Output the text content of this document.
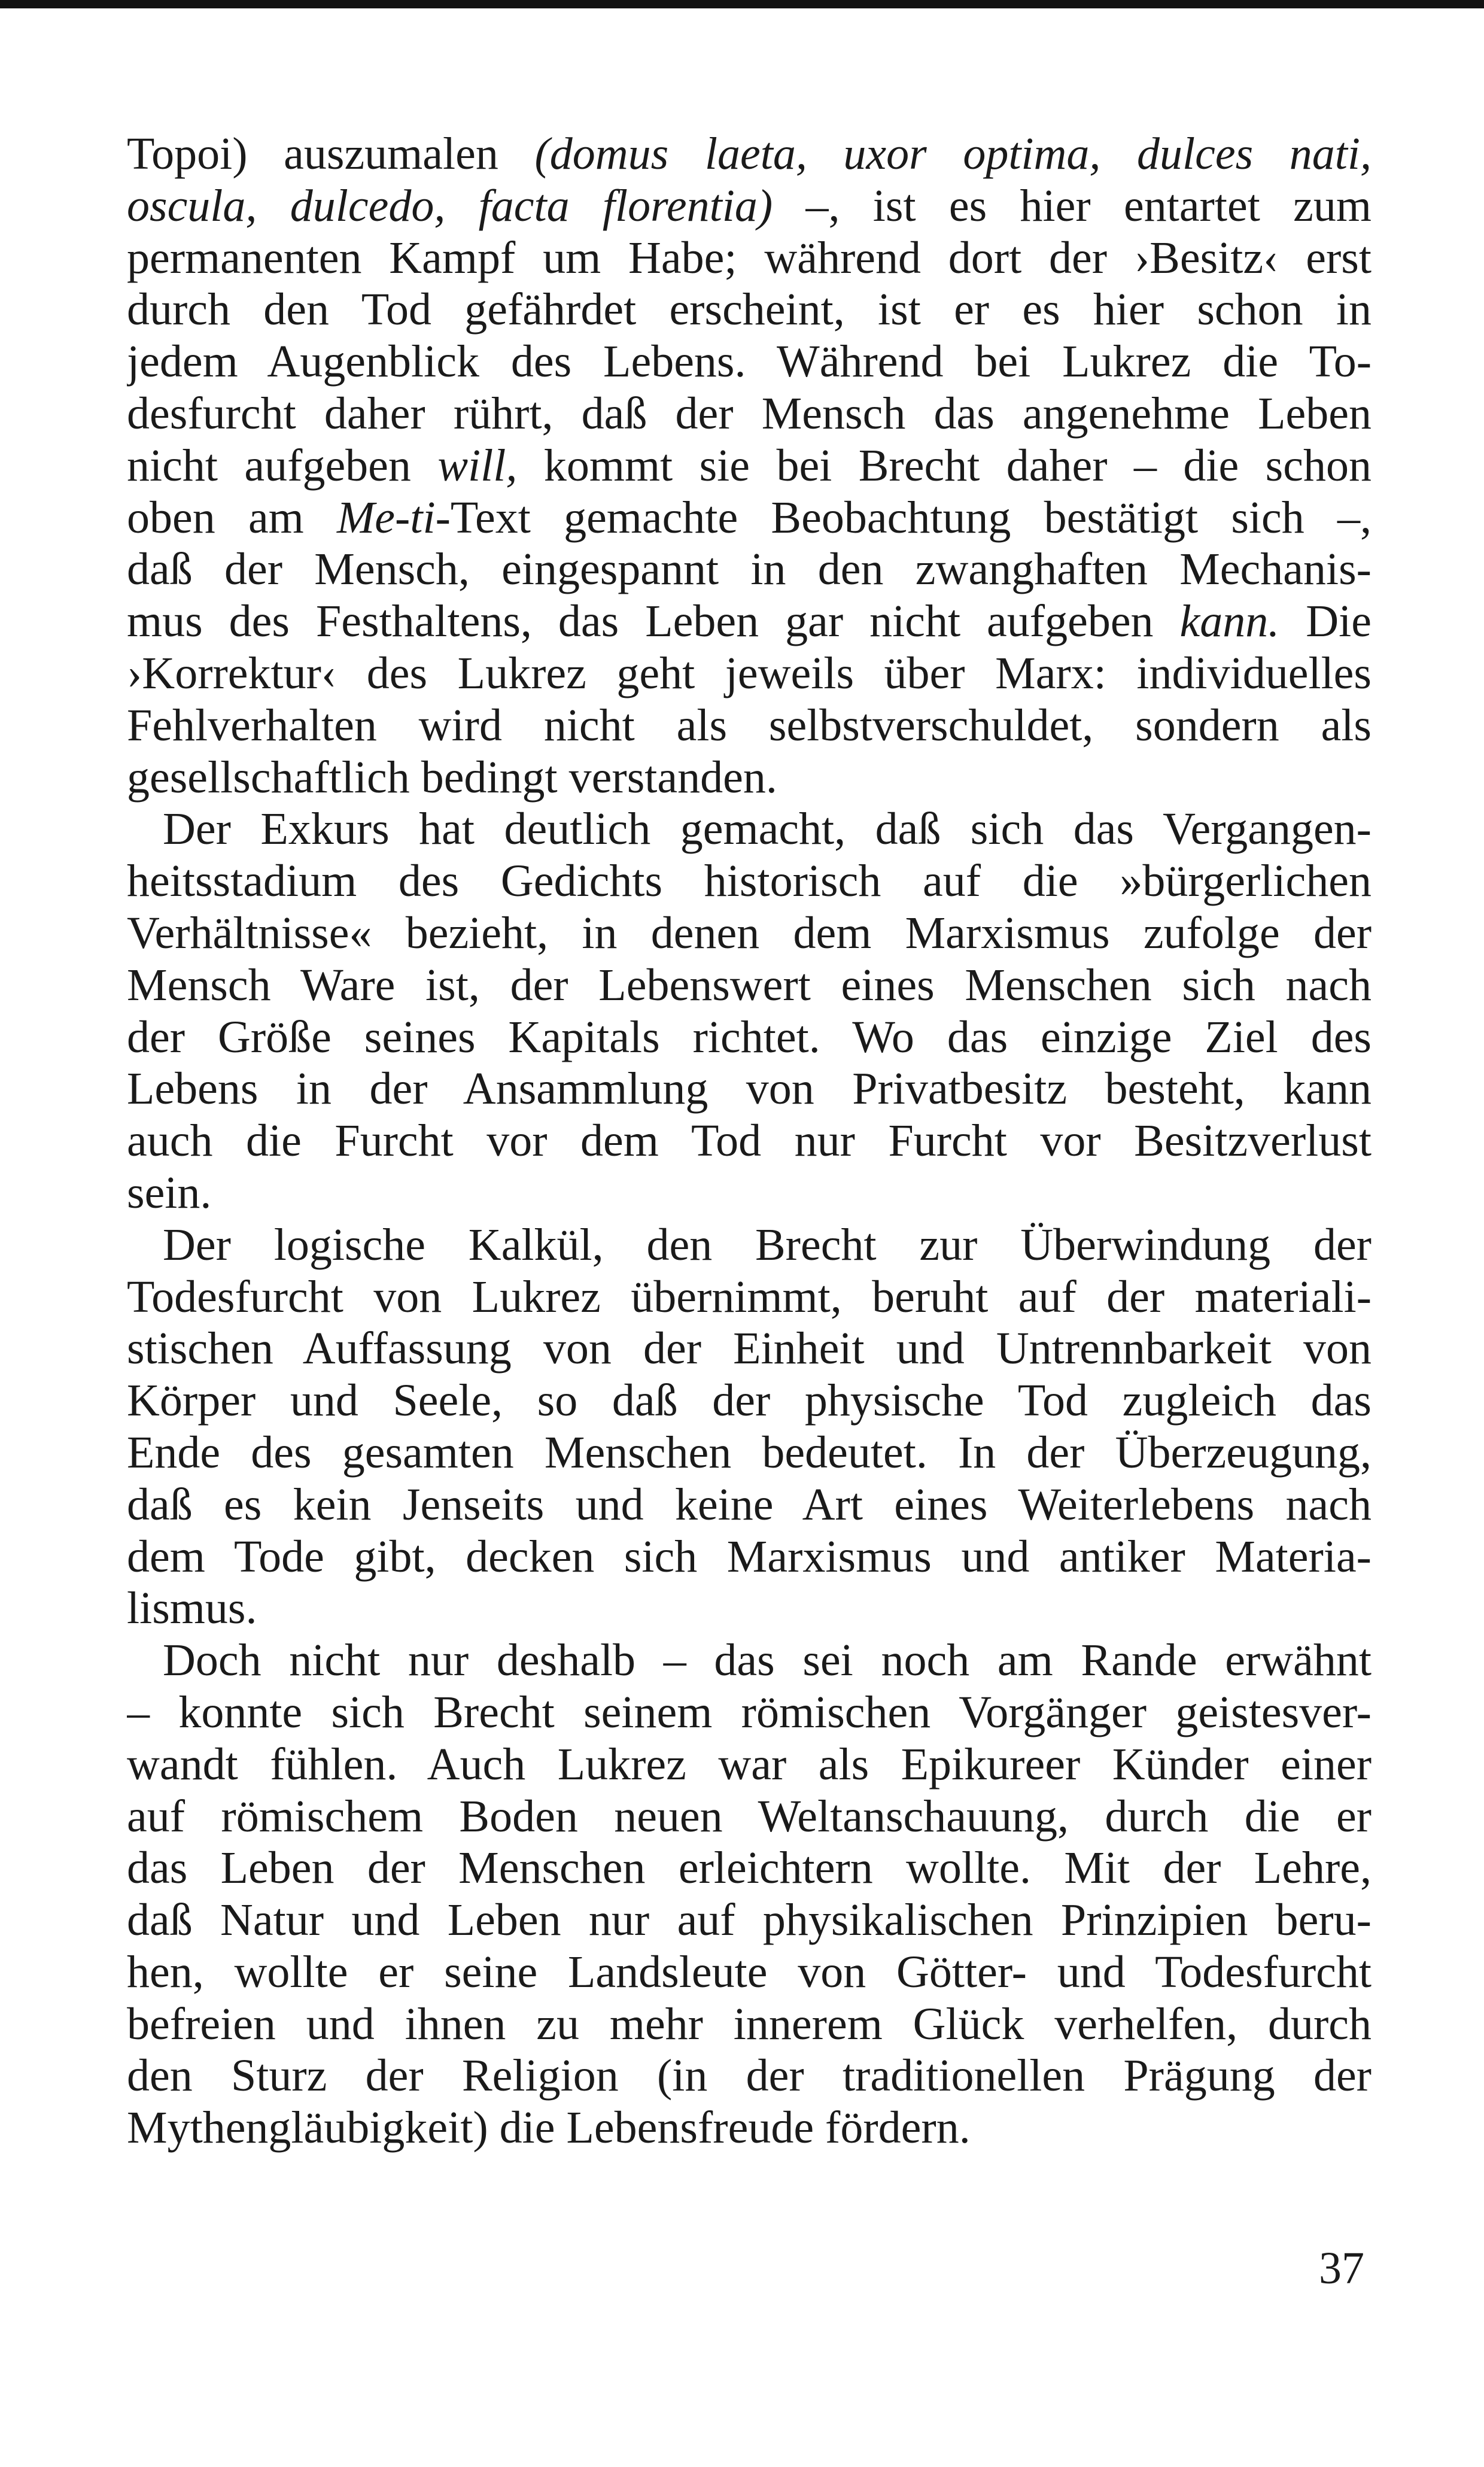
Topoi) auszumalen (domus laeta, uxor optima, dulces nati,
oscula, dulcedo, facta florentia) –, ist es hier entartet zum
permanenten Kampf um Habe; während dort der ›Besitz‹ erst
durch den Tod gefährdet erscheint, ist er es hier schon in
jedem Augenblick des Lebens. Während bei Lukrez die To-
desfurcht daher rührt, daß der Mensch das angenehme Leben
nicht aufgeben will, kommt sie bei Brecht daher – die schon
oben am Me-ti-Text gemachte Beobachtung bestätigt sich –,
daß der Mensch, eingespannt in den zwanghaften Mechanis-
mus des Festhaltens, das Leben gar nicht aufgeben kann. Die
›Korrektur‹ des Lukrez geht jeweils über Marx: individuelles
Fehlverhalten wird nicht als selbstverschuldet, sondern als
gesellschaftlich bedingt verstanden.
Der Exkurs hat deutlich gemacht, daß sich das Vergangen-
heitsstadium des Gedichts historisch auf die »bürgerlichen
Verhältnisse« bezieht, in denen dem Marxismus zufolge der
Mensch Ware ist, der Lebenswert eines Menschen sich nach
der Größe seines Kapitals richtet. Wo das einzige Ziel des
Lebens in der Ansammlung von Privatbesitz besteht, kann
auch die Furcht vor dem Tod nur Furcht vor Besitzverlust
sein.
Der logische Kalkül, den Brecht zur Überwindung der
Todesfurcht von Lukrez übernimmt, beruht auf der materiali-
stischen Auffassung von der Einheit und Untrennbarkeit von
Körper und Seele, so daß der physische Tod zugleich das
Ende des gesamten Menschen bedeutet. In der Überzeugung,
daß es kein Jenseits und keine Art eines Weiterlebens nach
dem Tode gibt, decken sich Marxismus und antiker Materia-
lismus.
Doch nicht nur deshalb – das sei noch am Rande erwähnt
– konnte sich Brecht seinem römischen Vorgänger geistesver-
wandt fühlen. Auch Lukrez war als Epikureer Künder einer
auf römischem Boden neuen Weltanschauung, durch die er
das Leben der Menschen erleichtern wollte. Mit der Lehre,
daß Natur und Leben nur auf physikalischen Prinzipien beru-
hen, wollte er seine Landsleute von Götter- und Todesfurcht
befreien und ihnen zu mehr innerem Glück verhelfen, durch
den Sturz der Religion (in der traditionellen Prägung der
Mythengläubigkeit) die Lebensfreude fördern.
37
